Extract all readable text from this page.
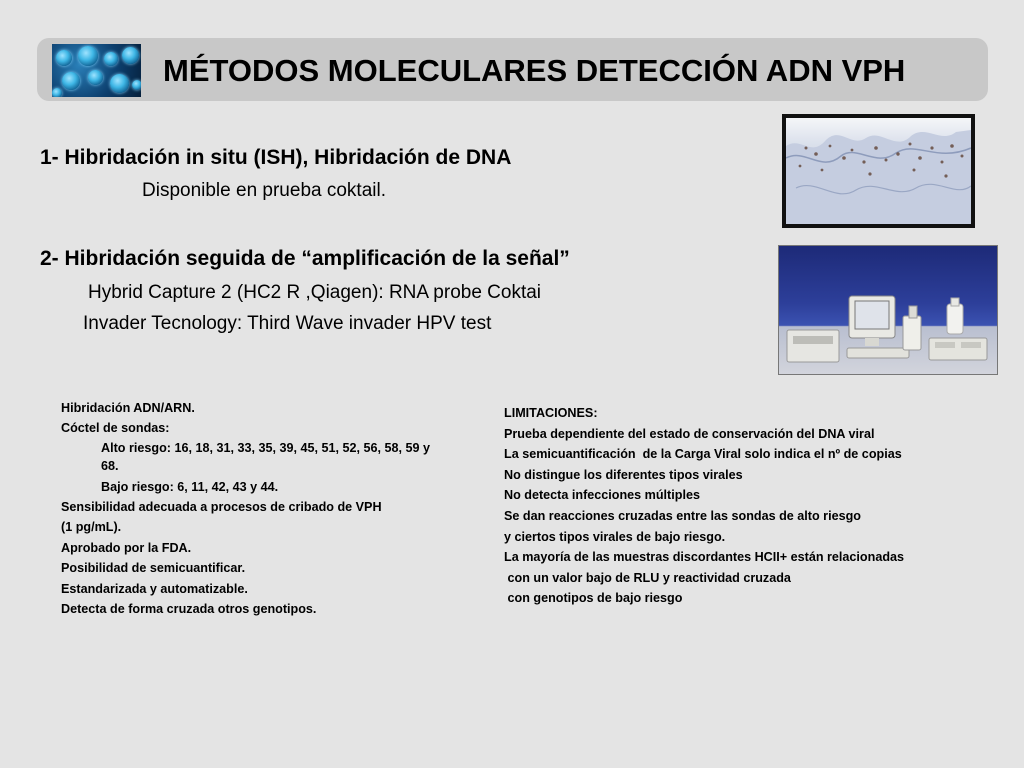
MÉTODOS MOLECULARES DETECCIÓN ADN VPH
1- Hibridación in situ (ISH), Hibridación de DNA
Disponible en prueba coktail.
2- Hibridación seguida de “amplificación de la señal”
Hybrid Capture 2 (HC2 R ,Qiagen): RNA probe Coktai
Invader Tecnology: Third Wave invader HPV test
Hibridación ADN/ARN.
Cóctel de sondas:
Alto riesgo: 16, 18, 31, 33, 35, 39, 45, 51, 52, 56, 58, 59 y
68.
Bajo riesgo: 6, 11, 42, 43 y 44.
Sensibilidad adecuada a procesos de cribado de VPH
(1 pg/mL).
Aprobado por la FDA.
Posibilidad de semicuantificar.
Estandarizada y automatizable.
Detecta de forma cruzada otros genotipos.
LIMITACIONES:
Prueba dependiente del estado de conservación del DNA viral
La semicuantificación  de la Carga Viral solo indica el nº de copias
No distingue los diferentes tipos virales
No detecta infecciones múltiples
Se dan reacciones cruzadas entre las sondas de alto riesgo
y ciertos tipos virales de bajo riesgo.
La mayoría de las muestras discordantes HCII+ están relacionadas
con un valor bajo de RLU y reactividad cruzada
con genotipos de bajo riesgo
